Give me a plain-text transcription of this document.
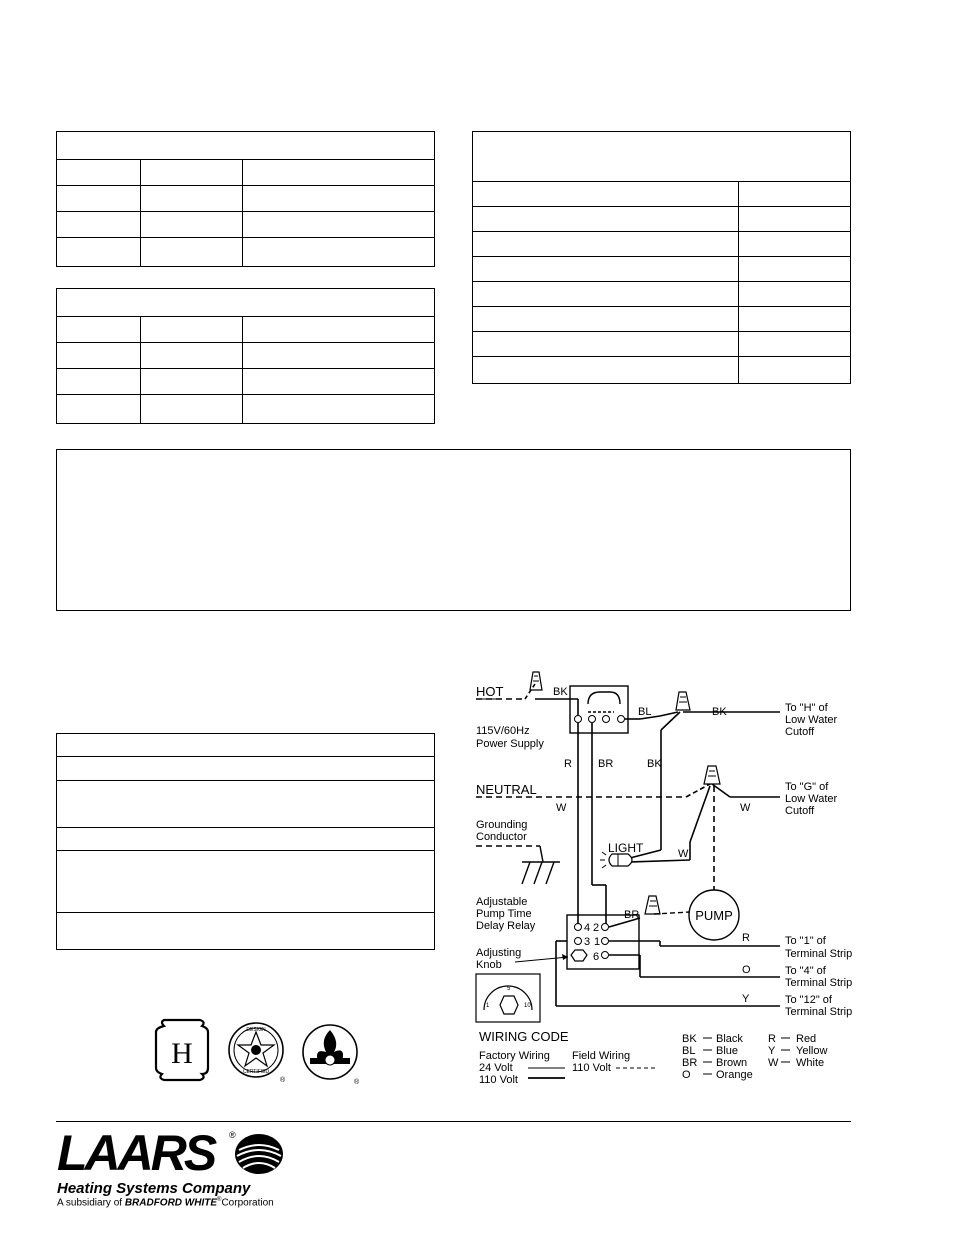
H
DESIGN
CERTIFIED
®	®
HOT
115V/60Hz
Power Supply
NEUTRAL
Grounding
Conductor
Adjustable
Pump Time
Delay Relay
Adjusting
Knob
BK
BL	BK	To "H" of
Low Water
Cutoff
BK
R BR
W	W
To "G" of
Low Water
Cutoff
W
LIGHT
PUMP
4 2
3 1
6
BR
R	To "1" of
Terminal Strip
O	To "4" of
Terminal Strip
Y	To "12" of
Terminal Strip
1
5
10
WIRING CODE
Factory Wiring
24 Volt
110 Volt
Field Wiring
110 Volt
BK Black
BL Blue
BR Brown
O Orange
R Red
Y Yellow
W White
LAARS ®
Heating Systems Company
A subsidiary of BRADFORD WHITE®Corporation
